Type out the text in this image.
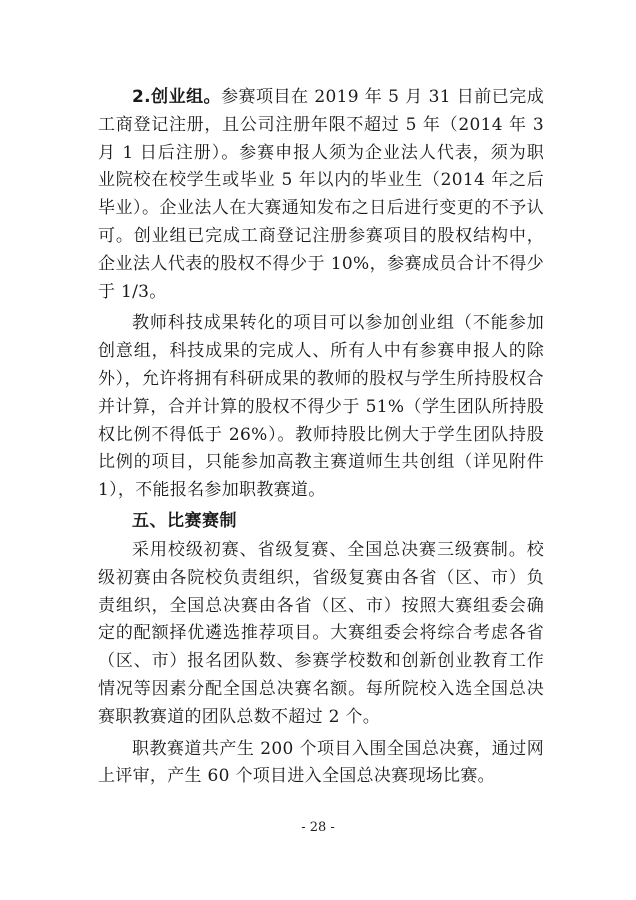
2.创业组。参赛项目在 2019 年 5 月 31 日前已完成工商登记注册，且公司注册年限不超过 5 年（2014 年 3 月 1 日后注册）。参赛申报人须为企业法人代表，须为职业院校在校学生或毕业 5 年以内的毕业生（2014 年之后毕业）。企业法人在大赛通知发布之日后进行变更的不予认可。创业组已完成工商登记注册参赛项目的股权结构中，企业法人代表的股权不得少于 10%，参赛成员合计不得少于 1/3。

教师科技成果转化的项目可以参加创业组（不能参加创意组，科技成果的完成人、所有人中有参赛申报人的除外），允许将拥有科研成果的教师的股权与学生所持股权合并计算，合并计算的股权不得少于 51%（学生团队所持股权比例不得低于 26%）。教师持股比例大于学生团队持股比例的项目，只能参加高教主赛道师生共创组（详见附件 1），不能报名参加职教赛道。

五、比赛赛制

采用校级初赛、省级复赛、全国总决赛三级赛制。校级初赛由各院校负责组织，省级复赛由各省（区、市）负责组织，全国总决赛由各省（区、市）按照大赛组委会确定的配额择优遴选推荐项目。大赛组委会将综合考虑各省（区、市）报名团队数、参赛学校数和创新创业教育工作情况等因素分配全国总决赛名额。每所院校入选全国总决赛职教赛道的团队总数不超过 2 个。

职教赛道共产生 200 个项目入围全国总决赛，通过网上评审，产生 60 个项目进入全国总决赛现场比赛。

- 28 -
